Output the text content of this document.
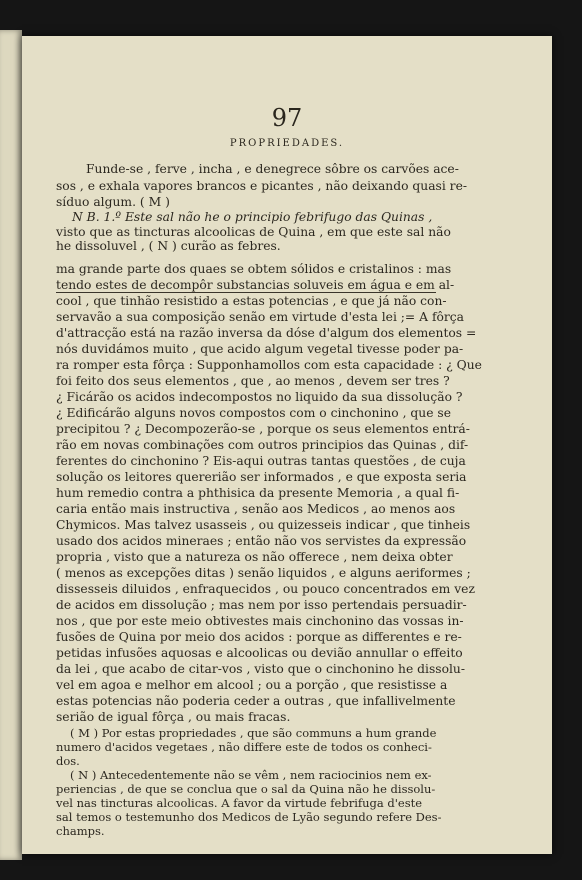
97
PROPRIEDADES.
Funde-se , ferve , incha , e denegrece sôbre os carvões ace-
sos , e exhala vapores brancos e picantes , não deixando quasi re-
síduo algum. ( M )
N B. 1.º Este sal não he o principio febrifugo das Quinas ,
visto que as tincturas alcoolicas de Quina , em que este sal não
he dissoluvel , ( N ) curão as febres.
ma grande parte dos quaes se obtem sólidos e cristalinos : mas
tendo estes de decompôr substancias soluveis em água e em al-
cool , que tinhão resistido a estas potencias , e que já não con-
servavão a sua composição senão em virtude d'esta lei ;= A fôrça
d'attracção está na razão inversa da dóse d'algum dos elementos =
nós duvidámos muito , que acido algum vegetal tivesse poder pa-
ra romper esta fôrça : Supponhamollos com esta capacidade : ¿ Que
foi feito dos seus elementos , que , ao menos , devem ser tres ?
¿ Ficárão os acidos indecompostos no liquido da sua dissolução ?
¿ Edificárão alguns novos compostos com o cinchonino , que se
precipitou ? ¿ Decompozerão-se , porque os seus elementos entrá-
rão em novas combinações com outros principios das Quinas , dif-
ferentes do cinchonino ? Eis-aqui outras tantas questões , de cuja
solução os leitores quererião ser informados , e que exposta seria
hum remedio contra a phthisica da presente Memoria , a qual fi-
caria então mais instructiva , senão aos Medicos , ao menos aos
Chymicos. Mas talvez usasseis , ou quizesseis indicar , que tinheis
usado dos acidos mineraes ; então não vos servistes da expressão
propria , visto que a natureza os não offerece , nem deixa obter
( menos as excepções ditas ) senão liquidos , e alguns aeriformes ;
dissesseis diluidos , enfraquecidos , ou pouco concentrados em vez
de acidos em dissolução ; mas nem por isso pertendais persuadir-
nos , que por este meio obtivestes mais cinchonino das vossas in-
fusões de Quina por meio dos acidos : porque as differentes e re-
petidas infusões aquosas e alcoolicas ou devião annullar o effeito
da lei , que acabo de citar-vos , visto que o cinchonino he dissolu-
vel em agoa e melhor em alcool ; ou a porção , que resistisse a
estas potencias não poderia ceder a outras , que infallivelmente
serião de igual fôrça , ou mais fracas.
( M ) Por estas propriedades , que são communs a hum grande
numero d'acidos vegetaes , não differe este de todos os conheci-
dos.
( N ) Antecedentemente não se vêm , nem raciocinios nem ex-
periencias , de que se conclua que o sal da Quina não he dissolu-
vel nas tincturas alcoolicas. A favor da virtude febrifuga d'este
sal temos o testemunho dos Medicos de Lyão segundo refere Des-
champs.
